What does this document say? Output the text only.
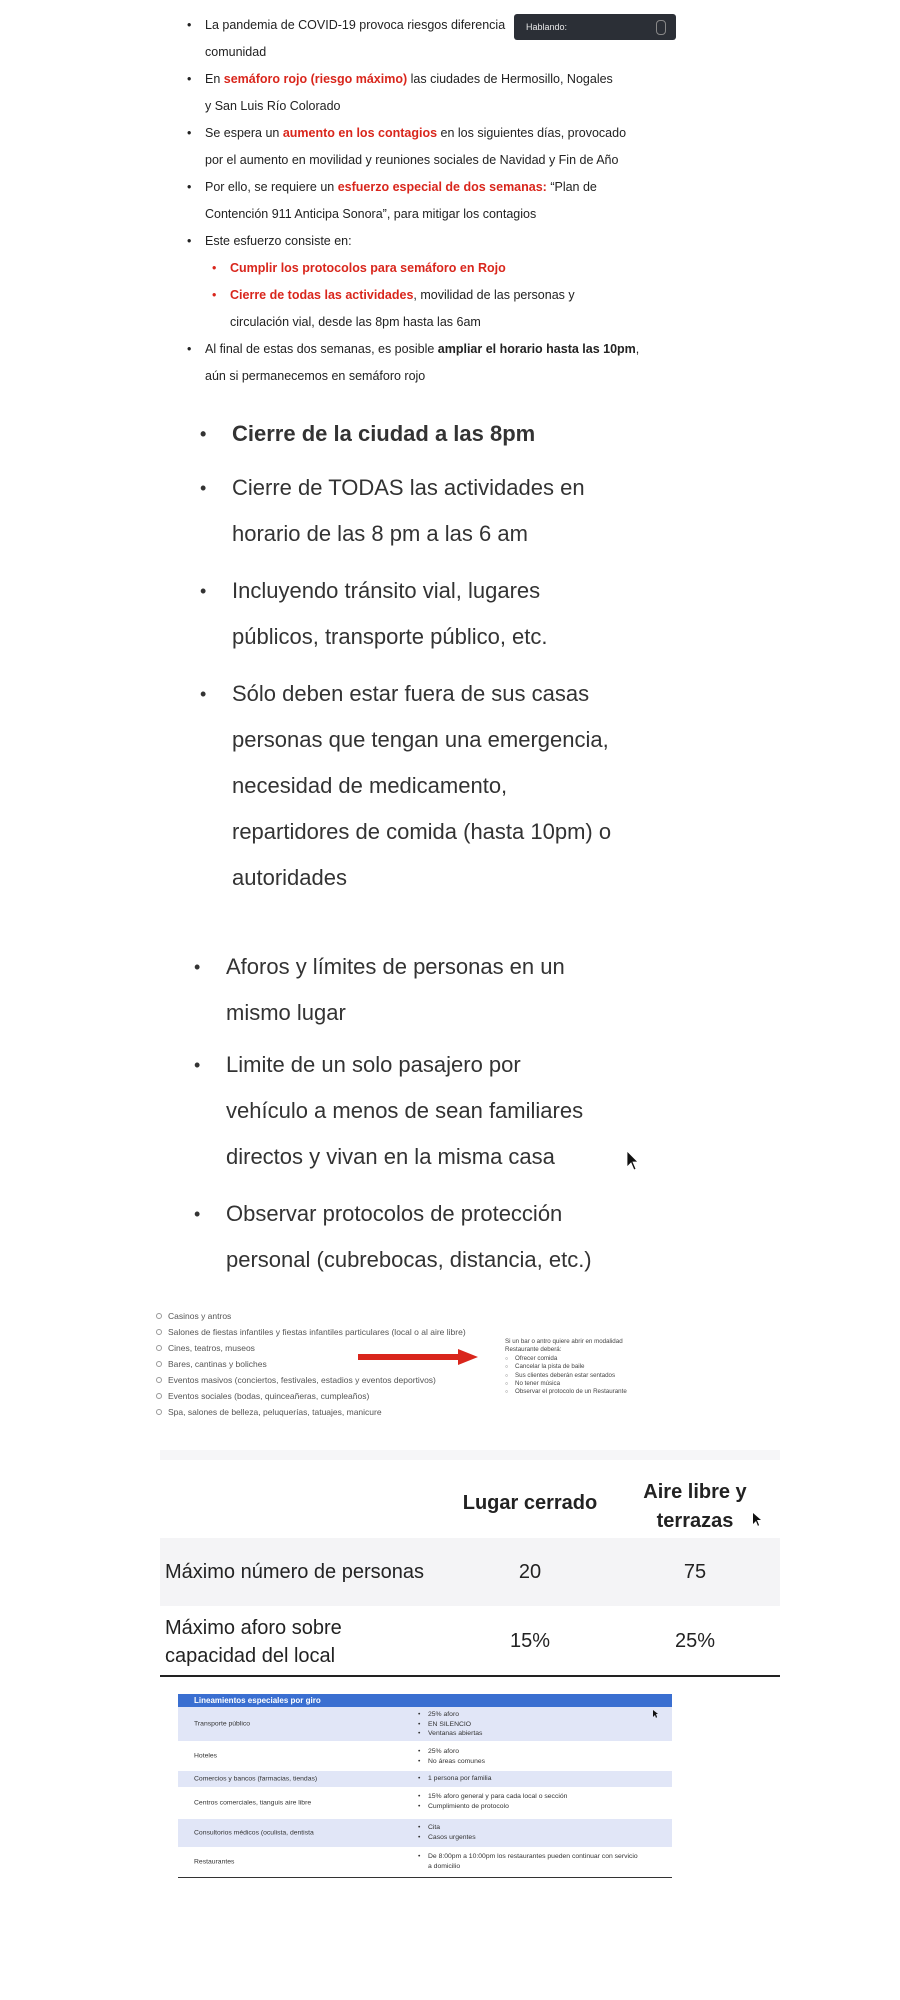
Hablando:
• La pandemia de COVID-19 provoca riesgos diferencia
comunidad
• En semáforo rojo (riesgo máximo) las ciudades de Hermosillo, Nogales
y San Luis Río Colorado
• Se espera un aumento en los contagios en los siguientes días, provocado
por el aumento en movilidad y reuniones sociales de Navidad y Fin de Año
• Por ello, se requiere un esfuerzo especial de dos semanas: “Plan de
Contención 911 Anticipa Sonora”, para mitigar los contagios
• Este esfuerzo consiste en:
• Cumplir los protocolos para semáforo en Rojo
• Cierre de todas las actividades, movilidad de las personas y
circulación vial, desde las 8pm hasta las 6am
• Al final de estas dos semanas, es posible ampliar el horario hasta las 10pm,
aún si permanecemos en semáforo rojo
• Cierre de la ciudad a las 8pm
• Cierre de TODAS las actividades en
horario de las 8 pm a las 6 am
• Incluyendo tránsito vial, lugares
públicos, transporte público, etc.
• Sólo deben estar fuera de sus casas
personas que tengan una emergencia,
necesidad de medicamento,
repartidores de comida (hasta 10pm) o
autoridades
• Aforos y límites de personas en un
mismo lugar
• Limite de un solo pasajero por
vehículo a menos de sean familiares
directos y vivan en la misma casa
• Observar protocolos de protección
personal (cubrebocas, distancia, etc.)
Casinos y antros
Salones de fiestas infantiles y fiestas infantiles particulares (local o al aire libre)
Cines, teatros, museos
Bares, cantinas y boliches
Eventos masivos (conciertos, festivales, estadios y eventos deportivos)
Eventos sociales (bodas, quinceañeras, cumpleaños)
Spa, salones de belleza, peluquerías, tatuajes, manicure
Si un bar o antro quiere abrir en modalidad
Restaurante deberá:
○ Ofrecer comida
○ Cancelar la pista de baile
○ Sus clientes deberán estar sentados
○ No tener música
○ Observar el protocolo de un Restaurante
Lugar cerrado	Aire libre y
terrazas
Máximo número de personas	20	75
Máximo aforo sobre
capacidad del local
15%	25%
Lineamientos especiales por giro
Transporte público
• 25% aforo
• EN SILENCIO
• Ventanas abiertas
Hoteles
• 25% aforo
• No áreas comunes
Comercios y bancos (farmacias, tiendas)
•	1 persona por familia
Centros comerciales, tianguis aire libre
• 15% aforo general y para cada local o sección
• Cumplimiento de protocolo
Consultorios médicos (oculista, dentista
• Cita
• Casos urgentes
Restaurantes
• De 8:00pm a 10:00pm los restaurantes pueden continuar con servicio
a domicilio
